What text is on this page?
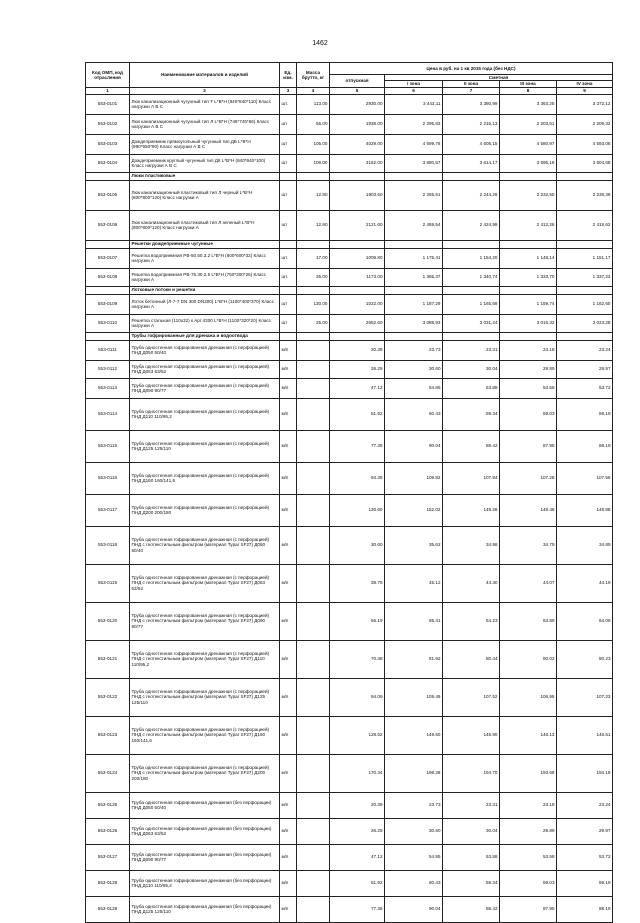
1462
Код ОМП, код отрасления	Наименование материалов и изделий	Ед. изм.	Масса брутто, кг	Цена в руб. на 1 кв 2015 года (без НДС)				
				отпускная	Сметная			
					I зона	II зона	III зона	IV зона
1	2	3	4	5	6	7	8	9
553-0101	Люк канализационный чугунный тип Т L*B*H (840*840*110) Класс нагрузки А В С	шт.	113.00	2930.00	3 443,11	3 380,99	3 363,25	3 372,12
553-0102	Люк канализационный чугунный тип Л L*B*H (745*745*66) Класс нагрузки А В С	шт	55.00	1938.00	2 295,83	2 215,13	2 203,51	2 209,32
553-0103	Дождеприемник прямоугольный чугунный тип ДБ L*B*H (990*550*90) Класс нагрузки А В С	шт	105.00	4029.00	4 699,76	4 605,15	4 580,97	4 593,06
553-0104	Дождеприемник круглый чугунный тип ДК L*B*H (840*840*100) Класс нагрузки А В С	шт	109.00	3162.00	3 680,57	3 614,17	3 595,19	3 604,68
	Люки пластиковые							
553-0105	Люк канализационный пластиковый тип Л черный L*B*H (800*800*120) Класс нагрузки А	шт	12.80	1903.50	2 265,51	2 244,26	2 232,50	2 238,39
553-0106	Люк канализационный пластиковый тип Л зеленый L*B*H (800*800*120) Класс нагрузки А	шт	12.80	2121.60	2 469,54	2 424,99	2 412,26	2 418,62
	Решетки дождеприемные чугунные							
553-0107	Решетка водоприемная РВ-50.50.3.2 L*B*H (600*600*32) Класс нагрузки А	шт.	17.00	1009.80	1 175,41	1 154,20	1 148,14	1 151,17
553-0108	Решетка водоприемная РВ-75.30.2.5 L*B*H (750*300*25) Класс нагрузки А	шт.	25.00	1173.00	1 365,37	1 340,74	1 333,70	1 337,23
	Лотковые потоки и решетки							
553-0109	Лоток бетонный (Л-7-7 DN 300 DN300) L*B*H (1100*400*370) Класс нагрузки А	шт	130.00	1022.00	1 187,29	1 165,68	1 159,74	1 162,60
553-0110	Решетка стальная (110х32) к Арт.4300 L*B*H (1100*320*20) Класс нагрузки А	шт	25.00	2652.60	3 088,93	3 031,24	3 015,32	3 023,28
	Трубы гофрированные для дренажа и водоотвода							
553-0111	Труба одностенная гофрированная дренажная (с перфорацией) ПНД Д050 50/40	м/п		20.39	23.73	23.31	23.18	23.24
553-0112	Труба одностенная гофрированная дренажная (с перфорацией) ПНД Д063 63/52	м/п		26.29	30.60	30.04	29.89	29.97
553-0113	Труба одностенная гофрированная дренажная (с перфорацией) ПНД Д090 90/77	м/п		47.12	54.85	53.88	53.58	53.72
553-0114	Труба одностенная гофрированная дренажная (с перфорацией) ПНД Д110 110/95,2	м/п		51.92	60.43	59.34	59.03	59.19
553-0115	Труба одностенная гофрированная дренажная (с перфорацией) ПНД Д125 125/110	м/п		77.36	90.04	88.42	87.95	88.19
553-0116	Труба одностенная гофрированная дренажная (с перфорацией) ПНД Д160 160/141,6	м/п		94.35	109.82	107.84	107.28	107.56
553-0117	Труба одностенная гофрированная дренажная (с перфорацией) ПНД Д200 200/180	м/п		130.60	152.02	149.28	148.49	148.88
553-0118	Труба одностенная гофрированная дренажная (с перфорацией) ПНД с геотекстильным фильтром (материал Typar SF27) Д050 50/40	м/п		30.60	35.62	34.98	34.79	34.89
553-0119	Труба одностенная гофрированная дренажная (с перфорацией) ПНД с геотекстильным фильтром (материал Typar SF27) Д063 63/52	м/п		38.76	45.12	44.30	44.07	44.19
553-0120	Труба одностенная гофрированная дренажная (с перфорацией) ПНД с геотекстильным фильтром (материал Typar SF27) Д090 90/77	м/п		56.19	65.41	64.23	63.89	64.06
553-0121	Труба одностенная гофрированная дренажная (с перфорацией) ПНД с геотекстильным фильтром (материал Typar SF27) Д110 110/95,2	м/п		70.38	81.92	80.44	80.02	80.23
553-0122	Труба одностенная гофрированная дренажная (с перфорацией) ПНД с геотекстильным фильтром (материал Typar SF27) Д125 125/110	м/п		94.06	109.49	107.52	106.95	107.23
553-0123	Труба одностенная гофрированная дренажная (с перфорацией) ПНД с геотекстильным фильтром (материал Typar SF27) Д160 160/141,6	м/п		128.52	149.60	146.90	146.13	146.51
553-0124	Труба одностенная гофрированная дренажная (с перфорацией) ПНД с геотекстильным фильтром (материал Typar SF27) Д200 200/180	м/п		170.34	198.28	194.70	193.68	194.19
553-0125	Труба одностенная гофрированная дренажная (без перфорации) ПНД Д050 50/40	м/п		20.39	23.73	23.31	23.18	23.24
553-0126	Труба одностенная гофрированная дренажная (без перфорации) ПНД Д063 63/52	м/п		26.29	30.60	30.04	29.89	29.97
553-0127	Труба одностенная гофрированная дренажная (без перфорации) ПНД Д090 90/77	м/п		47.12	54.85	53.88	53.58	53.72
553-0128	Труба одностенная гофрированная дренажная (без перфорации) ПНД Д110 110/95,2	м/п		51.92	60.43	59.34	59.03	59.19
553-0129	Труба одностенная гофрированная дренажная (без перфорации) ПНД Д125 125/110	м/п		77.36	90.04	88.42	87.95	88.19
